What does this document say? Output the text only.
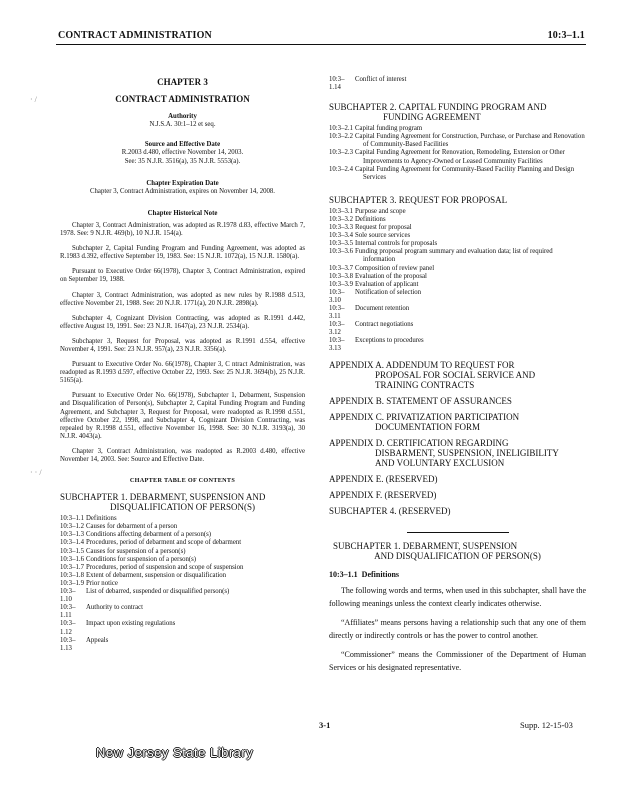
CONTRACT ADMINISTRATION	10:3–1.1
· /
· · /
CHAPTER 3
CONTRACT ADMINISTRATION
Authority
N.J.S.A. 30:1–12 et seq.
Source and Effective Date
R.2003 d.480, effective November 14, 2003.
See: 35 N.J.R. 3516(a), 35 N.J.R. 5553(a).
Chapter Expiration Date
Chapter 3, Contract Administration, expires on November 14, 2008.
Chapter Historical Note

Chapter 3, Contract Administration, was adopted as R.1978 d.83, effective March 7, 1978. See: 9 N.J.R. 469(b), 10 N.J.R. 154(a).

Subchapter 2, Capital Funding Program and Funding Agreement, was adopted as R.1983 d.392, effective September 19, 1983. See: 15 N.J.R. 1072(a), 15 N.J.R. 1580(a).

Pursuant to Executive Order 66(1978), Chapter 3, Contract Administration, expired on September 19, 1988.

Chapter 3, Contract Administration, was adopted as new rules by R.1988 d.513, effective November 21, 1988. See: 20 N.J.R. 1771(a), 20 N.J.R. 2898(a).

Subchapter 4, Cognizant Division Contracting, was adopted as R.1991 d.442, effective August 19, 1991. See: 23 N.J.R. 1647(a), 23 N.J.R. 2534(a).

Subchapter 3, Request for Proposal, was adopted as R.1991 d.554, effective November 4, 1991. See: 23 N.J.R. 957(a), 23 N.J.R. 3356(a).

Pursuant to Executive Order No. 66(1978), Chapter 3, C ntract Administration, was readopted as R.1993 d.597, effective October 22, 1993. See: 25 N.J.R. 3694(b), 25 N.J.R. 5165(a).

Pursuant to Executive Order No. 66(1978), Subchapter 1, Debarment, Suspension and Disqualification of Person(s), Subchapter 2, Capital Funding Program and Funding Agreement, and Subchapter 3, Request for Proposal, were readopted as R.1998 d.551, effective October 22, 1998, and Subchapter 4, Cognizant Division Contracting, was repealed by R.1998 d.551, effective November 16, 1998. See: 30 N.J.R. 3193(a), 30 N.J.R. 4043(a).

Chapter 3, Contract Administration, was readopted as R.2003 d.480, effective November 14, 2003. See: Source and Effective Date.

CHAPTER TABLE OF CONTENTS
SUBCHAPTER 1. DEBARMENT, SUSPENSION AND
DISQUALIFICATION OF PERSON(S)
10:3–1.1 Definitions
10:3–1.2 Causes for debarment of a person
10:3–1.3 Conditions affecting debarment of a person(s)
10:3–1.4 Procedures, period of debarment and scope of debarment
10:3–1.5 Causes for suspension of a person(s)
10:3–1.6 Conditions for suspension of a person(s)
10:3–1.7 Procedures, period of suspension and scope of suspension
10:3–1.8 Extent of debarment, suspension or disqualification
10:3–1.9 Prior notice
10:3–1.10
List of debarred, suspended or disqualified person(s)
10:3–1.11
Authority to contract
10:3–1.12
Impact upon existing regulations
10:3–1.13
Appeals
10:3–1.14
Conflict of interest
SUBCHAPTER 2. CAPITAL FUNDING PROGRAM AND
FUNDING AGREEMENT
10:3–2.1 Capital funding program
10:3–2.2 Capital Funding Agreement for Construction, Purchase, or Purchase and Renovation of Community-Based Facilities
10:3–2.3 Capital Funding Agreement for Renovation, Remodeling, Extension or Other Improvements to Agency-Owned or Leased Community Facilities
10:3–2.4 Capital Funding Agreement for Community-Based Facility Planning and Design Services
SUBCHAPTER 3. REQUEST FOR PROPOSAL
10:3–3.1 Purpose and scope
10:3–3.2 Definitions
10:3–3.3 Request for proposal
10:3–3.4 Sole source services
10:3–3.5 Internal controls for proposals
10:3–3.6 Funding proposal program summary and evaluation data; list of required information
10:3–3.7 Composition of review panel
10:3–3.8 Evaluation of the proposal
10:3–3.9 Evaluation of applicant
10:3–3.10
Notification of selection
10:3–3.11
Document retention
10:3–3.12
Contract negotiations
10:3–3.13
Exceptions to procedures
APPENDIX A. ADDENDUM TO REQUEST FOR
PROPOSAL FOR SOCIAL SERVICE AND
TRAINING CONTRACTS
APPENDIX B. STATEMENT OF ASSURANCES
APPENDIX C. PRIVATIZATION PARTICIPATION
DOCUMENTATION FORM
APPENDIX D. CERTIFICATION REGARDING
DISBARMENT, SUSPENSION, INELIGIBILITY
AND VOLUNTARY EXCLUSION
APPENDIX E. (RESERVED)
APPENDIX F. (RESERVED)
SUBCHAPTER 4. (RESERVED)
SUBCHAPTER 1. DEBARMENT, SUSPENSION
AND DISQUALIFICATION OF PERSON(S)
10:3–1.1 Definitions

The following words and terms, when used in this subchapter, shall have the following meanings unless the context clearly indicates otherwise.

“Affiliates” means persons having a relationship such that any one of them directly or indirectly controls or has the power to control another.

“Commissioner” means the Commissioner of the Department of Human Services or his designated representative.

3-1	Supp. 12-15-03
New Jersey State Library
